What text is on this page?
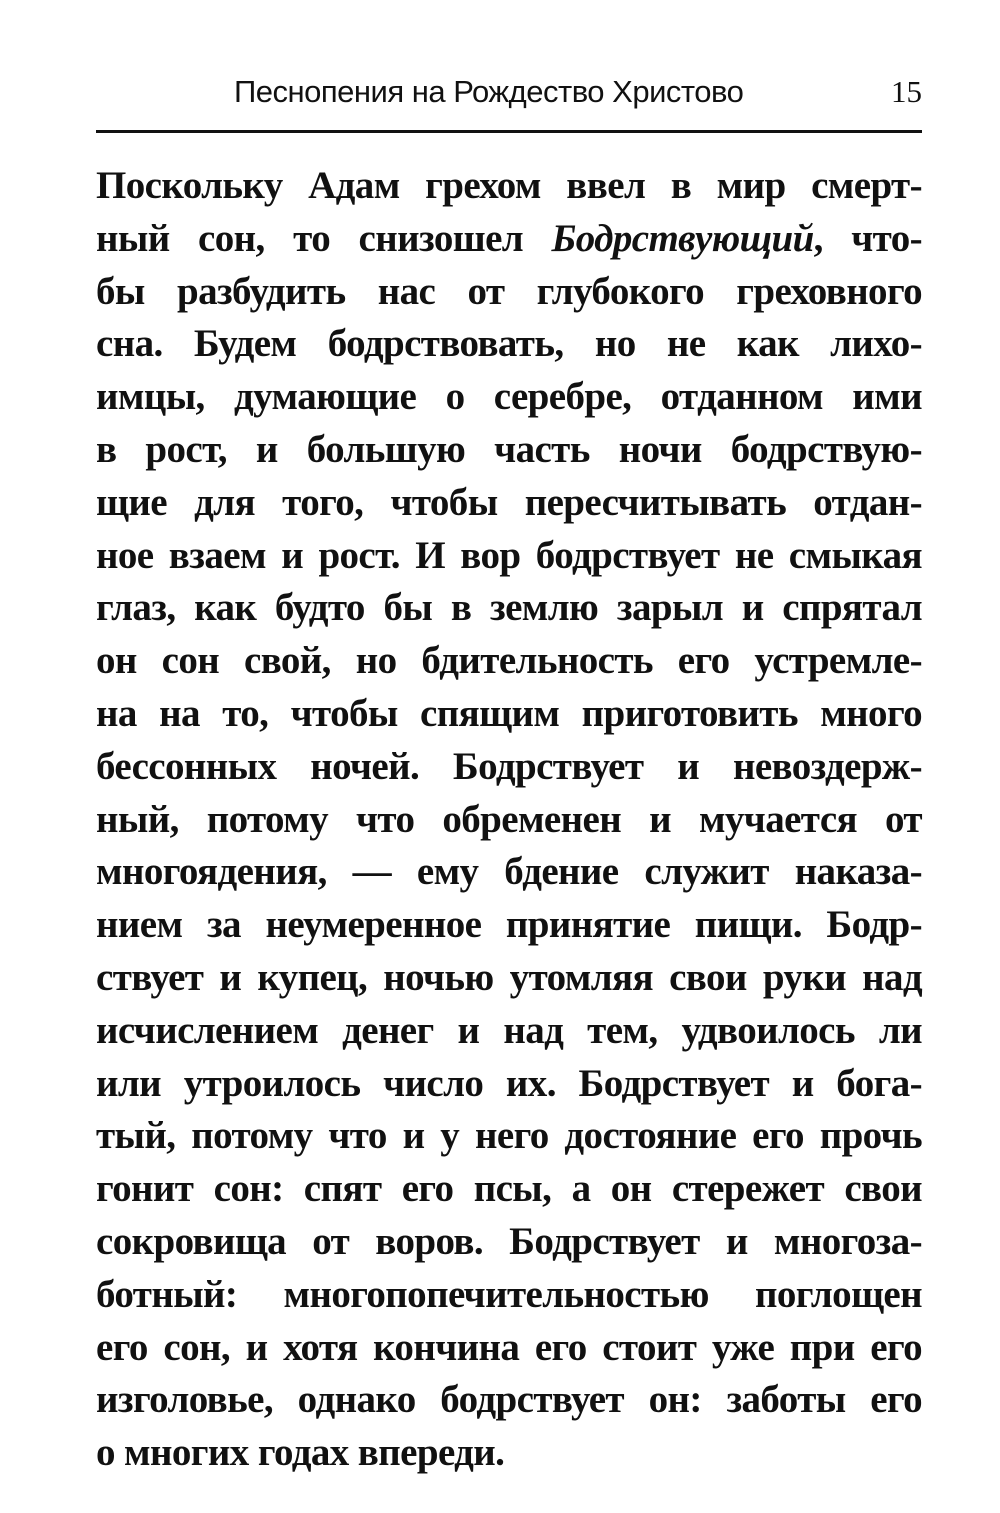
Песнопения на Рождество Христово	15

Поскольку Адам грехом ввел в мир смерт-
ный сон, то снизошел Бодрствующий, что-
бы разбудить нас от глубокого греховного
сна. Будем бодрствовать, но не как лихо-
имцы, думающие о серебре, отданном ими
в рост, и большую часть ночи бодрствую-
щие для того, чтобы пересчитывать отдан-
ное взаем и рост. И вор бодрствует не смыкая
глаз, как будто бы в землю зарыл и спрятал
он сон свой, но бдительность его устремле-
на на то, чтобы спящим приготовить много
бессонных ночей. Бодрствует и невоздерж-
ный, потому что обременен и мучается от
многоядения, — ему бдение служит наказа-
нием за неумеренное принятие пищи. Бодр-
ствует и купец, ночью утомляя свои руки над
исчислением денег и над тем, удвоилось ли
или утроилось число их. Бодрствует и бога-
тый, потому что и у него достояние его прочь
гонит сон: спят его псы, а он стережет свои
сокровища от воров. Бодрствует и многоза-
ботный: многопопечительностью поглощен
его сон, и хотя кончина его стоит уже при его
изголовье, однако бодрствует он: заботы его
о многих годах впереди.
